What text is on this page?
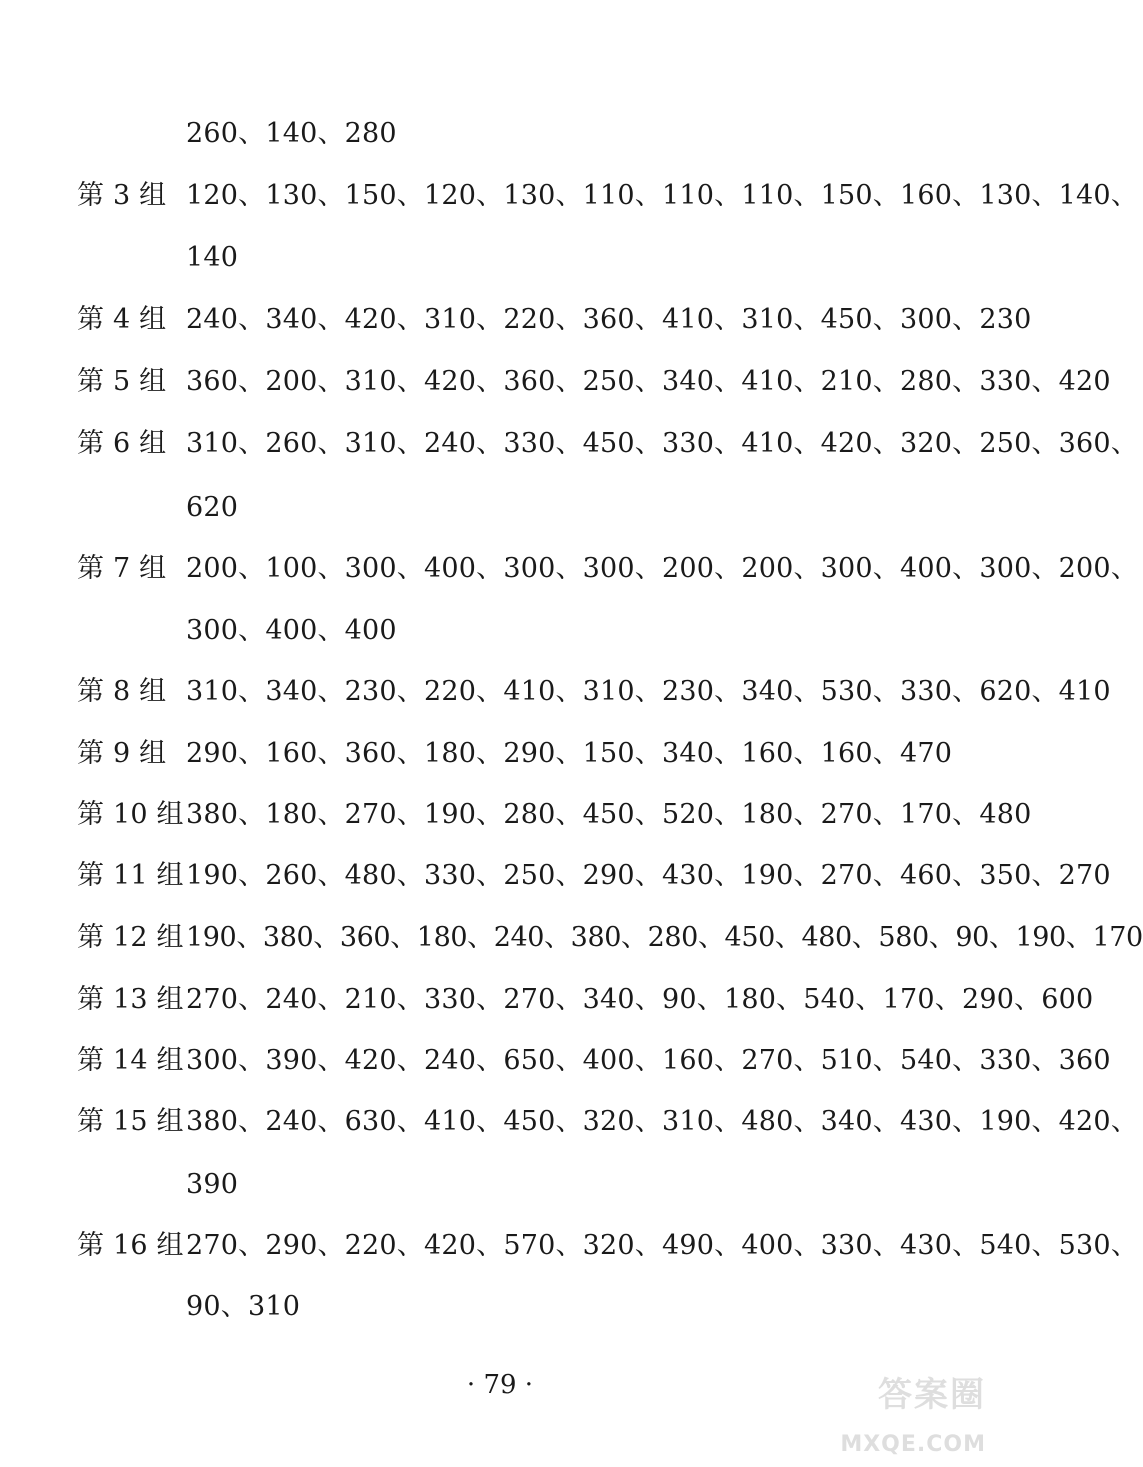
260、140、280
第 3 组 120、130、150、120、130、110、110、110、150、160、130、140、
140
第 4 组 240、340、420、310、220、360、410、310、450、300、230
第 5 组 360、200、310、420、360、250、340、410、210、280、330、420
第 6 组 310、260、310、240、330、450、330、410、420、320、250、360、
620
第 7 组 200、100、300、400、300、300、200、200、300、400、300、200、
300、400、400
第 8 组 310、340、230、220、410、310、230、340、530、330、620、410
第 9 组 290、160、360、180、290、150、340、160、160、470
第 10 组 380、180、270、190、280、450、520、180、270、170、480
第 11 组 190、260、480、330、250、290、430、190、270、460、350、270
第 12 组 190、380、360、180、240、380、280、450、480、580、90、190、170
第 13 组 270、240、210、330、270、340、90、180、540、170、290、600
第 14 组 300、390、420、240、650、400、160、270、510、540、330、360
第 15 组 380、240、630、410、450、320、310、480、340、430、190、420、
390
第 16 组 270、290、220、420、570、320、490、400、330、430、540、530、
90、310
· 79 ·	答案圈
MXQE.COM
